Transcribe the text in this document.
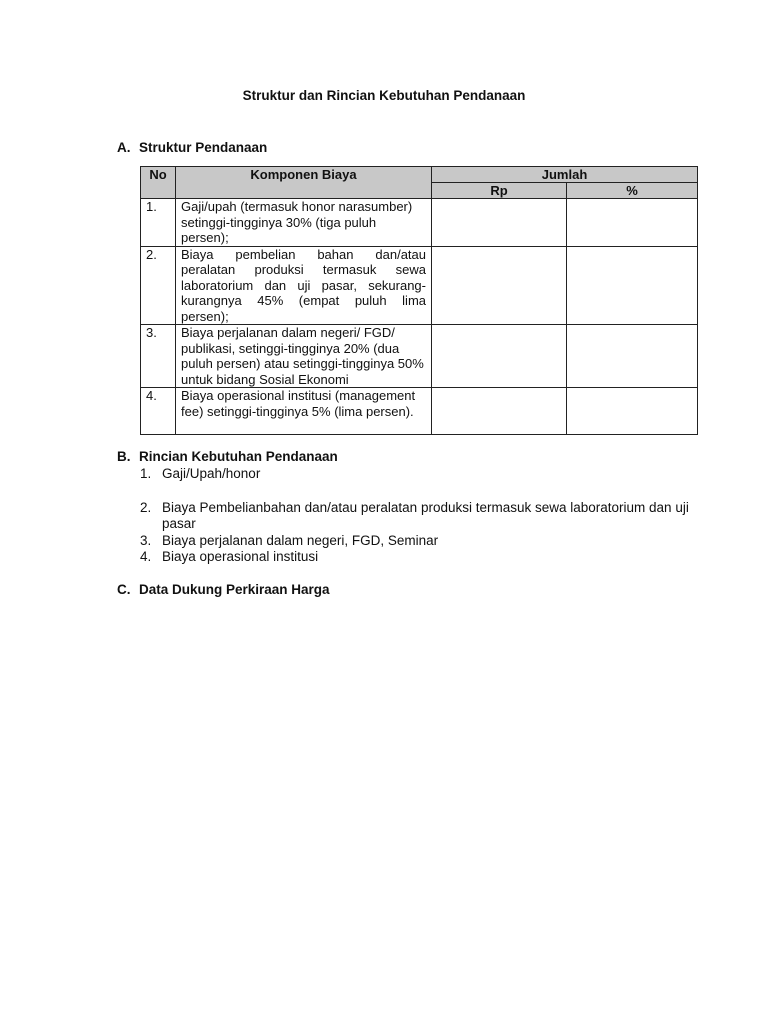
Struktur dan Rincian Kebutuhan Pendanaan
A. Struktur Pendanaan
No	Komponen Biaya	Jumlah	
		Rp	%
1.	Gaji/upah (termasuk honor narasumber) setinggi-tingginya 30% (tiga puluh persen);		
2.	Biaya pembelian bahan dan/atau peralatan produksi termasuk sewa laboratorium dan uji pasar, sekurang-kurangnya 45% (empat puluh lima persen);		
3.	Biaya perjalanan dalam negeri/ FGD/ publikasi, setinggi-tingginya 20% (dua puluh persen) atau setinggi-tingginya 50% untuk bidang Sosial Ekonomi		
4.	Biaya operasional institusi (management fee) setinggi-tingginya 5% (lima persen).		
B. Rincian Kebutuhan Pendanaan
1. Gaji/Upah/honor
2. Biaya Pembelianbahan dan/atau peralatan produksi termasuk sewa laboratorium dan uji pasar
3. Biaya perjalanan dalam negeri, FGD, Seminar
4. Biaya operasional institusi
C. Data Dukung Perkiraan Harga
